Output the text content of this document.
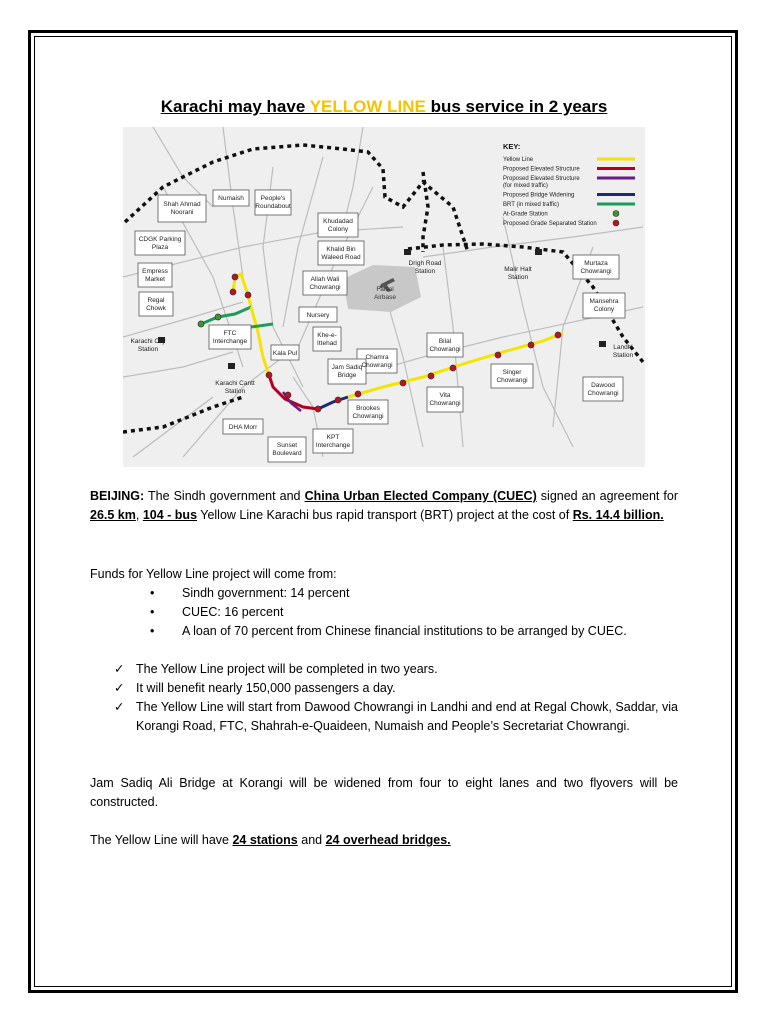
Karachi may have YELLOW LINE bus service in 2 years
Shah Ahmad Noorani
Numaish	People's Roundabout
Khudadad Colony
CDGK Parking Plaza	Khalid Bin Waleed Road
Empress Market	Allah Wali Chowrangi
Regal Chowk
Drigh Road Station	Malir Halt Station
Murtaza Chowrangi
Mansehra Colony
Faisal Airbase
Nursery
FTC Interchange
Khe-e-Ittehad
Karachi City Station
Kala Pul
Bilal Chowrangi
Chamra Chowrangi
Landhi Station
Jam Sadiq Bridge
Karachi Cantt Station
Singer Chowrangi
Vita Chowrangi
Dawood Chowrangi
Brookes Chowrangi
DHA Morr
KPT Interchange
Sunset Boulevard
KEY:
Yellow Line
Proposed Elevated Structure
Proposed Elevated Structure
(for mixed traffic)
Proposed Bridge Widening
BRT (in mixed traffic)
At-Grade Station
Proposed Grade Separated Station
BEIJING: The Sindh government and China Urban Elected Company (CUEC) signed an agreement for 26.5 km, 104 - bus Yellow Line Karachi bus rapid transport (BRT) project at the cost of Rs. 14.4 billion.
Funds for Yellow Line project will come from:
• Sindh government: 14 percent
• CUEC: 16 percent
• A loan of 70 percent from Chinese financial institutions to be arranged by CUEC.
✓ The Yellow Line project will be completed in two years.
✓ It will benefit nearly 150,000 passengers a day.
✓ The Yellow Line will start from Dawood Chowrangi in Landhi and end at Regal Chowk, Saddar, via Korangi Road, FTC, Shahrah-e-Quaideen, Numaish and People’s Secretariat Chowrangi.
Jam Sadiq Ali Bridge at Korangi will be widened from four to eight lanes and two flyovers will be constructed.
The Yellow Line will have 24 stations and 24 overhead bridges.
